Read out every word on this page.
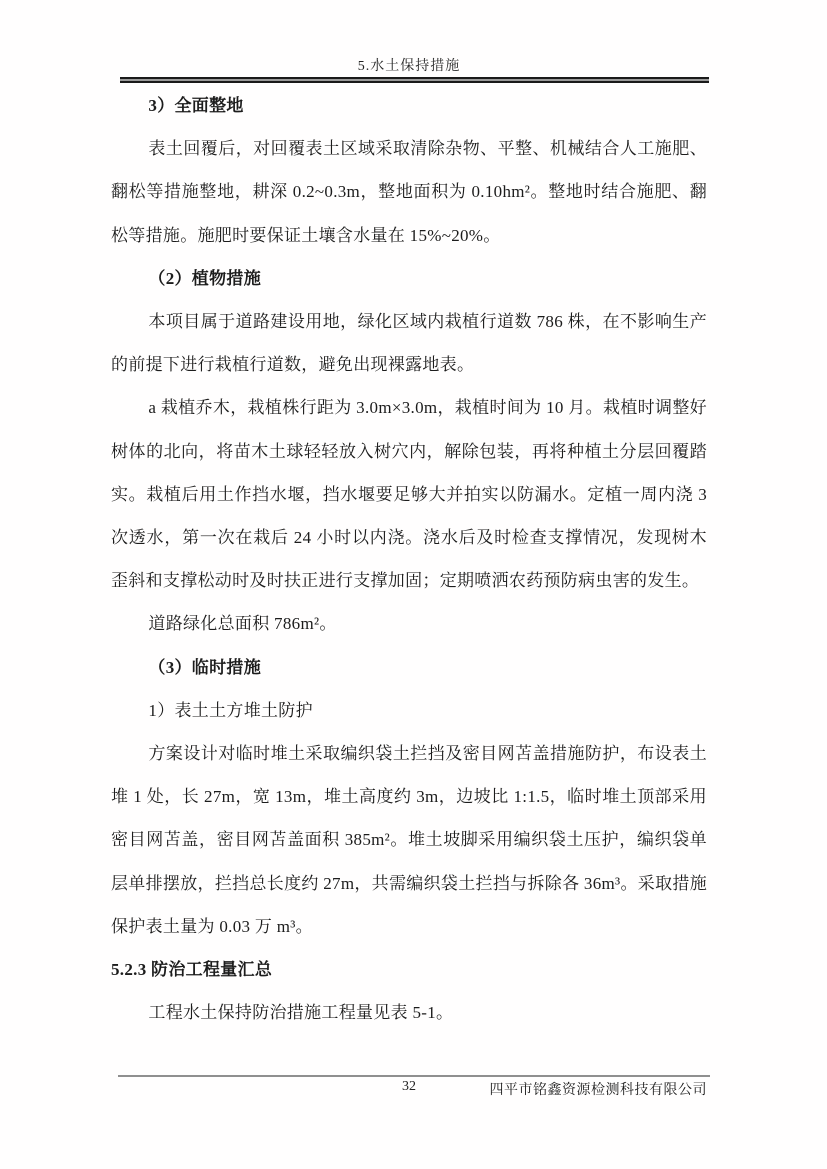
5.水土保持措施

3）全面整地

表土回覆后，对回覆表土区域采取清除杂物、平整、机械结合人工施肥、翻松等措施整地，耕深 0.2~0.3m，整地面积为 0.10hm²。整地时结合施肥、翻松等措施。施肥时要保证土壤含水量在 15%~20%。

（2）植物措施

本项目属于道路建设用地，绿化区域内栽植行道数 786 株，在不影响生产的前提下进行栽植行道数，避免出现裸露地表。

a 栽植乔木，栽植株行距为 3.0m×3.0m，栽植时间为 10 月。栽植时调整好树体的北向，将苗木土球轻轻放入树穴内，解除包装，再将种植土分层回覆踏实。栽植后用土作挡水堰，挡水堰要足够大并拍实以防漏水。定植一周内浇 3 次透水，第一次在栽后 24 小时以内浇。浇水后及时检查支撑情况，发现树木歪斜和支撑松动时及时扶正进行支撑加固；定期喷洒农药预防病虫害的发生。

道路绿化总面积 786m²。

（3）临时措施

1）表土土方堆土防护

方案设计对临时堆土采取编织袋土拦挡及密目网苫盖措施防护，布设表土堆 1 处，长 27m，宽 13m，堆土高度约 3m，边坡比 1:1.5，临时堆土顶部采用密目网苫盖，密目网苫盖面积 385m²。堆土坡脚采用编织袋土压护，编织袋单层单排摆放，拦挡总长度约 27m，共需编织袋土拦挡与拆除各 36m³。采取措施保护表土量为 0.03 万 m³。

5.2.3 防治工程量汇总

工程水土保持防治措施工程量见表 5-1。

32	四平市铭鑫资源检测科技有限公司
